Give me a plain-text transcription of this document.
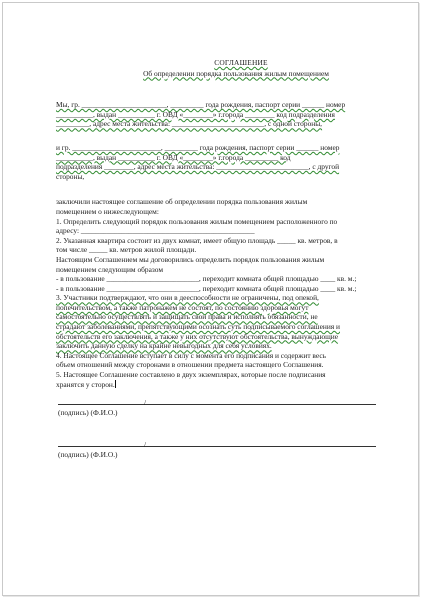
СОГЛАШЕНИЕ

Об определении порядка пользования жилым помещением

Мы, гр. _______________________, _________ года рождения, паспорт серии ______ номер

__________, выдан __________ г. ОВД «________» г.города ________ код подразделения

_________, адрес места жительства: _________________________, с одной стороны,

и гр. ________________________, _________ года рождения, паспорт серии ______ номер

__________, выдан __________ г. ОВД «________» г.города _________ код

подразделения ________, адрес места жительства: _________________________, с другой

стороны,

заключили настоящее соглашение об определении порядка пользования жилым

помещением о нижеследующем:

1. Определить следующий порядок пользования жилым помещением расположенного по

адресу: _______________________________________________

2. Указанная квартира состоит из двух комнат, имеет общую площадь _____ кв. метров, в

том числе _____ кв. метров жилой площади.

Настоящим Соглашением мы договорились определить порядок пользования жилым

помещением следующим образом

- в пользование _________________________, переходит комната общей площадью ____ кв. м.;

- в пользование _________________________, переходит комната общей площадью ____ кв. м.;

3. Участники подтверждают, что они в дееспособности не ограничены, под опекой,

попечительством, а также патронажем не состоят, по состоянию здоровья могут

самостоятельно осуществлять и защищать свои права и исполнять обязанности, не

страдают заболеваниями, препятствующими осознать суть подписываемого соглашения и

обстоятельств его заключения, а также у них отсутствуют обстоятельства, вынуждающие

заключить данную сделку на крайне невыгодных для себя условиях.

4. Настоящее Соглашение вступает в силу с момента его подписания и содержит весь

объем отношений между сторонами в отношении предмета настоящего Соглашения.

5. Настоящее Соглашение составлено в двух экземплярах, которые после подписания

хранятся у сторон.

/
(подпись) (Ф.И.О.)
/
(подпись) (Ф.И.О.)
